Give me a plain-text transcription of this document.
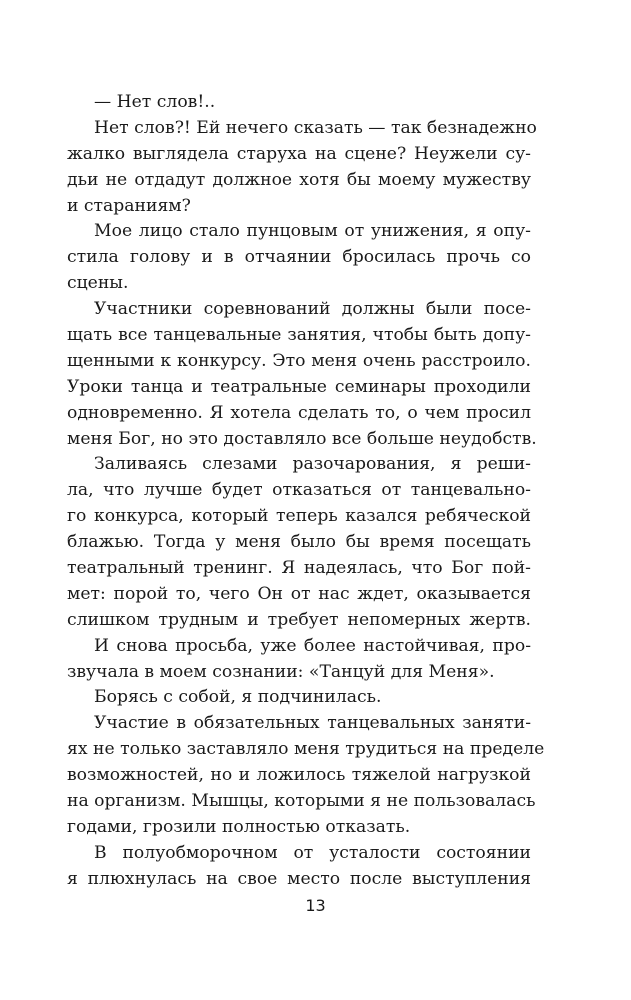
— Нет слов!..
Нет слов?! Ей нечего сказать — так безнадежно
жалко выглядела старуха на сцене? Неужели су-
дьи не отдадут должное хотя бы моему мужеству
и стараниям?
Мое лицо стало пунцовым от унижения, я опу-
стила голову и в отчаянии бросилась прочь со
сцены.
Участники соревнований должны были посе-
щать все танцевальные занятия, чтобы быть допу-
щенными к конкурсу. Это меня очень расстроило.
Уроки танца и театральные семинары проходили
одновременно. Я хотела сделать то, о чем просил
меня Бог, но это доставляло все больше неудобств.
Заливаясь слезами разочарования, я реши-
ла, что лучше будет отказаться от танцевально-
го конкурса, который теперь казался ребяческой
блажью. Тогда у меня было бы время посещать
театральный тренинг. Я надеялась, что Бог пой-
мет: порой то, чего Он от нас ждет, оказывается
слишком трудным и требует непомерных жертв.
И снова просьба, уже более настойчивая, про-
звучала в моем сознании: «Танцуй для Меня».
Борясь с собой, я подчинилась.
Участие в обязательных танцевальных заняти-
ях не только заставляло меня трудиться на пределе
возможностей, но и ложилось тяжелой нагрузкой
на организм. Мышцы, которыми я не пользовалась
годами, грозили полностью отказать.
В полуобморочном от усталости состоянии
я плюхнулась на свое место после выступления
13
